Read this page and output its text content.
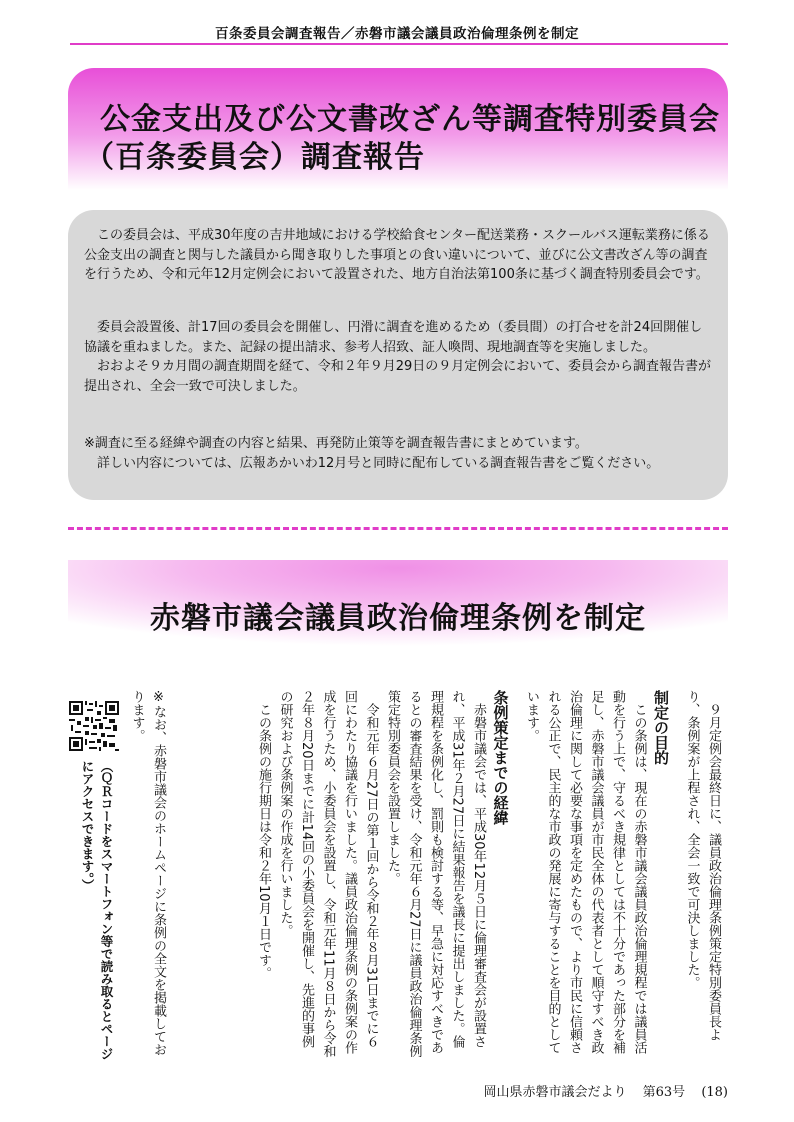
百条委員会調査報告／赤磐市議会議員政治倫理条例を制定
公金支出及び公文書改ざん等調査特別委員会
（百条委員会）調査報告
この委員会は、平成30年度の吉井地域における学校給食センター配送業務・スクールバス運転業務に係る公金支出の調査と関与した議員から聞き取りした事項との食い違いについて、並びに公文書改ざん等の調査を行うため、令和元年12月定例会において設置された、地方自治法第100条に基づく調査特別委員会です。
委員会設置後、計17回の委員会を開催し、円滑に調査を進めるため（委員間）の打合せを計24回開催し協議を重ねました。また、記録の提出請求、参考人招致、証人喚問、現地調査等を実施しました。
おおよそ９カ月間の調査期間を経て、令和２年９月29日の９月定例会において、委員会から調査報告書が提出され、全会一致で可決しました。
※調査に至る経緯や調査の内容と結果、再発防止策等を調査報告書にまとめています。
詳しい内容については、広報あかいわ12月号と同時に配布している調査報告書をご覧ください。
赤磐市議会議員政治倫理条例を制定
９月定例会最終日に、議員政治倫理条例策定特別委員長より、条例案が上程され、全会一致で可決しました。
制定の目的
この条例は、現在の赤磐市議会議員政治倫理規程では議員活動を行う上で、守るべき規律としては不十分であった部分を補足し、赤磐市議会議員が市民全体の代表者として順守すべき政治倫理に関して必要な事項を定めたもので、より市民に信頼される公正で、民主的な市政の発展に寄与することを目的としています。
条例策定までの経緯
赤磐市議会では、平成30年12月５日に倫理審査会が設置され、平成31年２月27日に結果報告を議長に提出しました。倫理規程を条例化し、罰則も検討する等、早急に対応すべきであるとの審査結果を受け、令和元年６月27日に議員政治倫理条例策定特別委員会を設置しました。
令和元年６月27日の第１回から令和２年８月31日までに６回にわたり協議を行いました。議員政治倫理条例の条例案の作成を行うため、小委員会を設置し、令和元年11月８日から令和２年８月20日までに計14回の小委員会を開催し、先進的事例の研究および条例案の作成を行いました。
この条例の施行期日は令和２年10月１日です。
※なお、赤磐市議会のホームページに条例の全文を掲載しております。
（ＱＲコードをスマートフォン等で読み取るとページにアクセスできます。）
岡山県赤磐市議会だより 第63号 (18)
